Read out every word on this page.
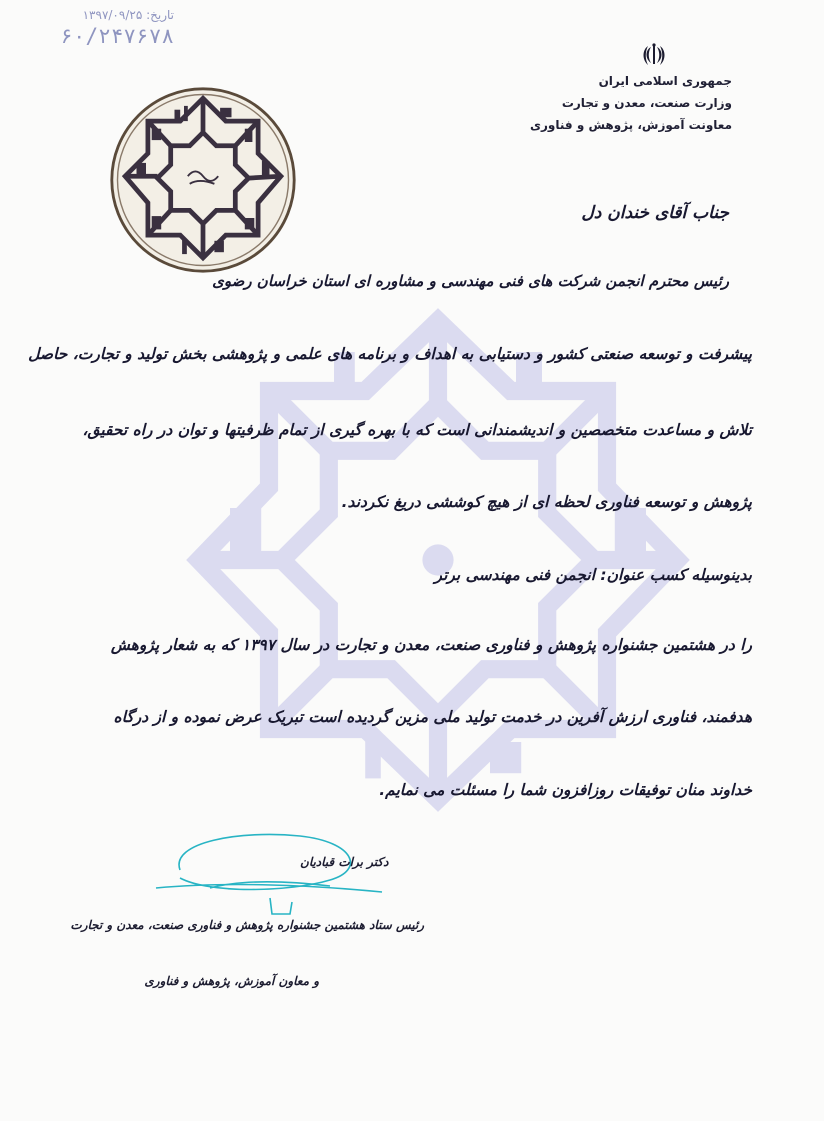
تاریخ: ۱۳۹۷/۰۹/۲۵
۶۰/۲۴۷۶۷۸
جمهوری اسلامی ایران
وزارت صنعت، معدن و تجارت
معاونت آموزش، پژوهش و فناوری
جناب آقای خندان دل
رئیس محترم انجمن شرکت های فنی مهندسی و مشاوره ای استان خراسان رضوی
پیشرفت و توسعه صنعتی کشور و دستیابی به اهداف و برنامه های علمی و پژوهشی بخش تولید و تجارت، حاصل
تلاش و مساعدت متخصصین و اندیشمندانی است که با بهره گیری از تمام ظرفیتها و توان در راه تحقیق،
پژوهش و توسعه فناوری لحظه ای از هیچ کوششی دریغ نکردند.
بدینوسیله کسب عنوان: انجمن فنی مهندسی برتر
را در هشتمین جشنواره پژوهش و فناوری صنعت، معدن و تجارت در سال ۱۳۹۷ که به شعار پژوهش
هدفمند، فناوری ارزش آفرین در خدمت تولید ملی مزین گردیده است تبریک عرض نموده و از درگاه
خداوند منان توفیقات روزافزون شما را مسئلت می نمایم.
دکتر برات قبادیان
رئیس ستاد هشتمین جشنواره پژوهش و فناوری صنعت، معدن و تجارت
و معاون آموزش، پژوهش و فناوری
